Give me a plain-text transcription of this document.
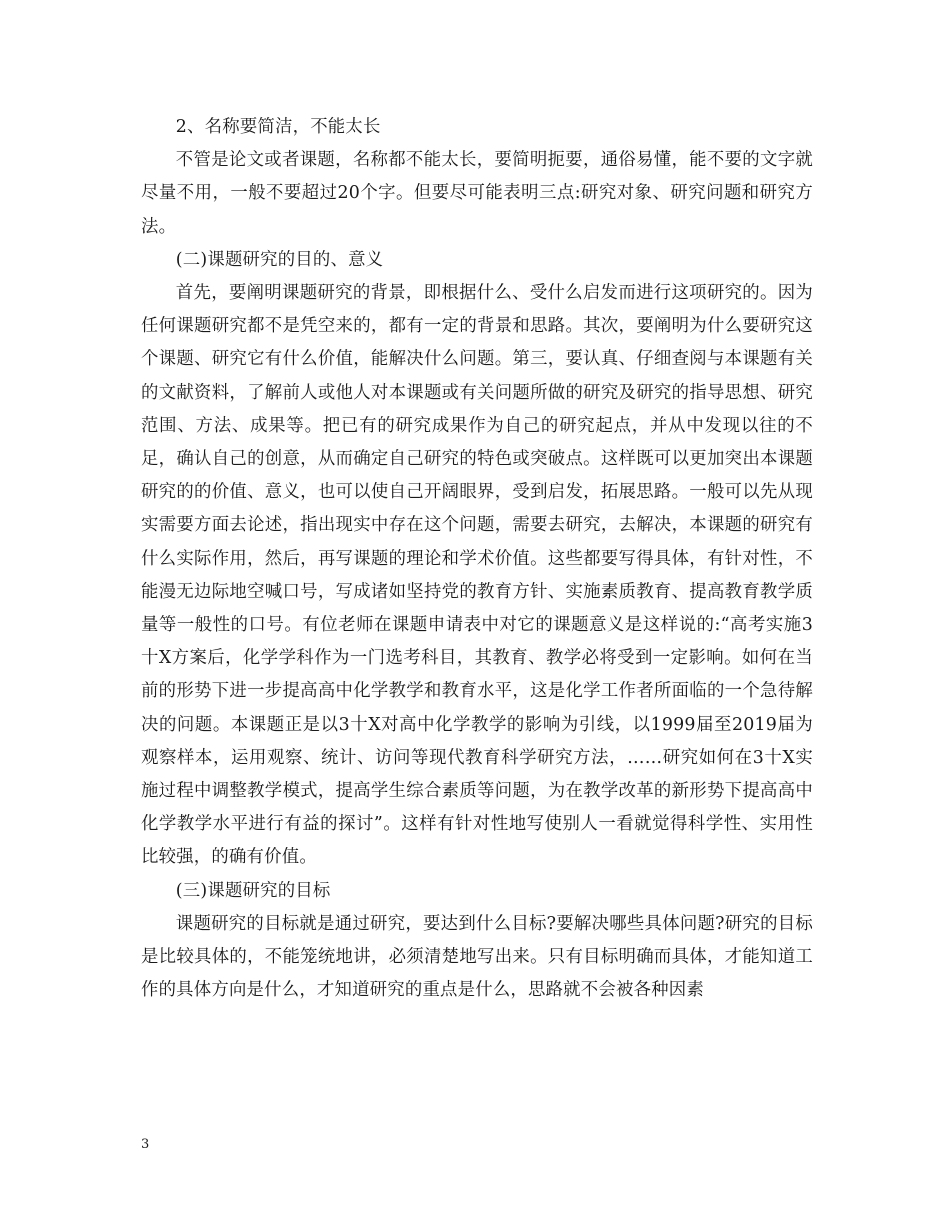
2、名称要简洁，不能太长

不管是论文或者课题，名称都不能太长，要简明扼要，通俗易懂，能不要的文字就尽量不用，一般不要超过20个字。但要尽可能表明三点:研究对象、研究问题和研究方法。

(二)课题研究的目的、意义

首先，要阐明课题研究的背景，即根据什么、受什么启发而进行这项研究的。因为任何课题研究都不是凭空来的，都有一定的背景和思路。其次，要阐明为什么要研究这个课题、研究它有什么价值，能解决什么问题。第三，要认真、仔细查阅与本课题有关的文献资料，了解前人或他人对本课题或有关问题所做的研究及研究的指导思想、研究范围、方法、成果等。把已有的研究成果作为自己的研究起点，并从中发现以往的不足，确认自己的创意，从而确定自己研究的特色或突破点。这样既可以更加突出本课题研究的的价值、意义，也可以使自己开阔眼界，受到启发，拓展思路。一般可以先从现实需要方面去论述，指出现实中存在这个问题，需要去研究，去解决，本课题的研究有什么实际作用，然后，再写课题的理论和学术价值。这些都要写得具体，有针对性，不能漫无边际地空喊口号，写成诸如坚持党的教育方针、实施素质教育、提高教育教学质量等一般性的口号。有位老师在课题申请表中对它的课题意义是这样说的:“高考实施3十X方案后，化学学科作为一门选考科目，其教育、教学必将受到一定影响。如何在当前的形势下进一步提高高中化学教学和教育水平，这是化学工作者所面临的一个急待解决的问题。本课题正是以3十X对高中化学教学的影响为引线，以1999届至2019届为观察样本，运用观察、统计、访问等现代教育科学研究方法，……研究如何在3十X实施过程中调整教学模式，提高学生综合素质等问题，为在教学改革的新形势下提高高中化学教学水平进行有益的探讨”。这样有针对性地写使别人一看就觉得科学性、实用性比较强，的确有价值。

(三)课题研究的目标

课题研究的目标就是通过研究，要达到什么目标?要解决哪些具体问题?研究的目标是比较具体的，不能笼统地讲，必须清楚地写出来。只有目标明确而具体，才能知道工作的具体方向是什么，才知道研究的重点是什么，思路就不会被各种因素

3
